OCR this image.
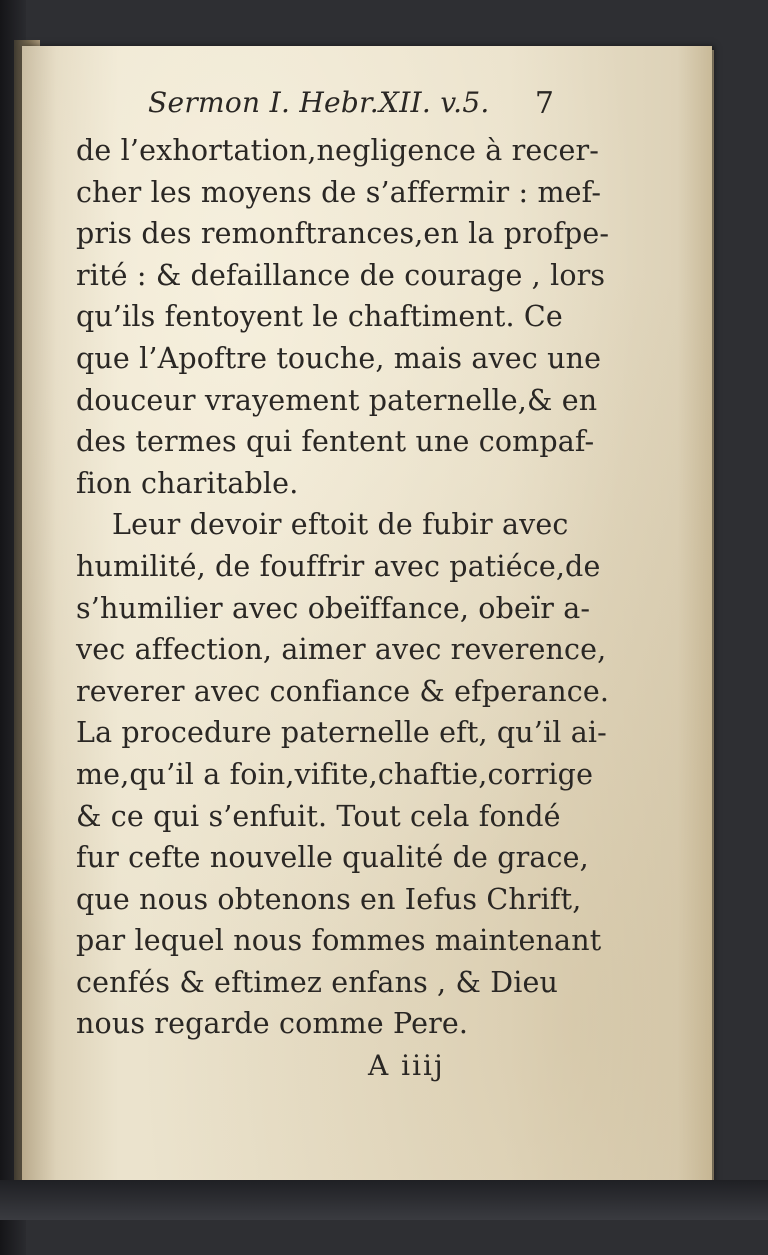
Sermon I. Hebr.XII. v.5. 7
de l’exhortation,negligence à recer-
cher les moyens de s’affermir : mef-
pris des remonftrances,en la profpe-
rité : & defaillance de courage , lors
qu’ils fentoyent le chaftiment. Ce
que l’Apoftre touche, mais avec une
douceur vrayement paternelle,& en
des termes qui fentent une compaf-
fion charitable.
Leur devoir eftoit de fubir avec
humilité, de fouffrir avec patiéce,de
s’humilier avec obeïffance, obeïr a-
vec affection, aimer avec reverence,
reverer avec confiance & efperance.
La procedure paternelle eft, qu’il ai-
me,qu’il a foin,vifite,chaftie,corrige
& ce qui s’enfuit. Tout cela fondé
fur cefte nouvelle qualité de grace,
que nous obtenons en Iefus Chrift,
par lequel nous fommes maintenant
cenfés & eftimez enfans , & Dieu
nous regarde comme Pere.
A iiij
